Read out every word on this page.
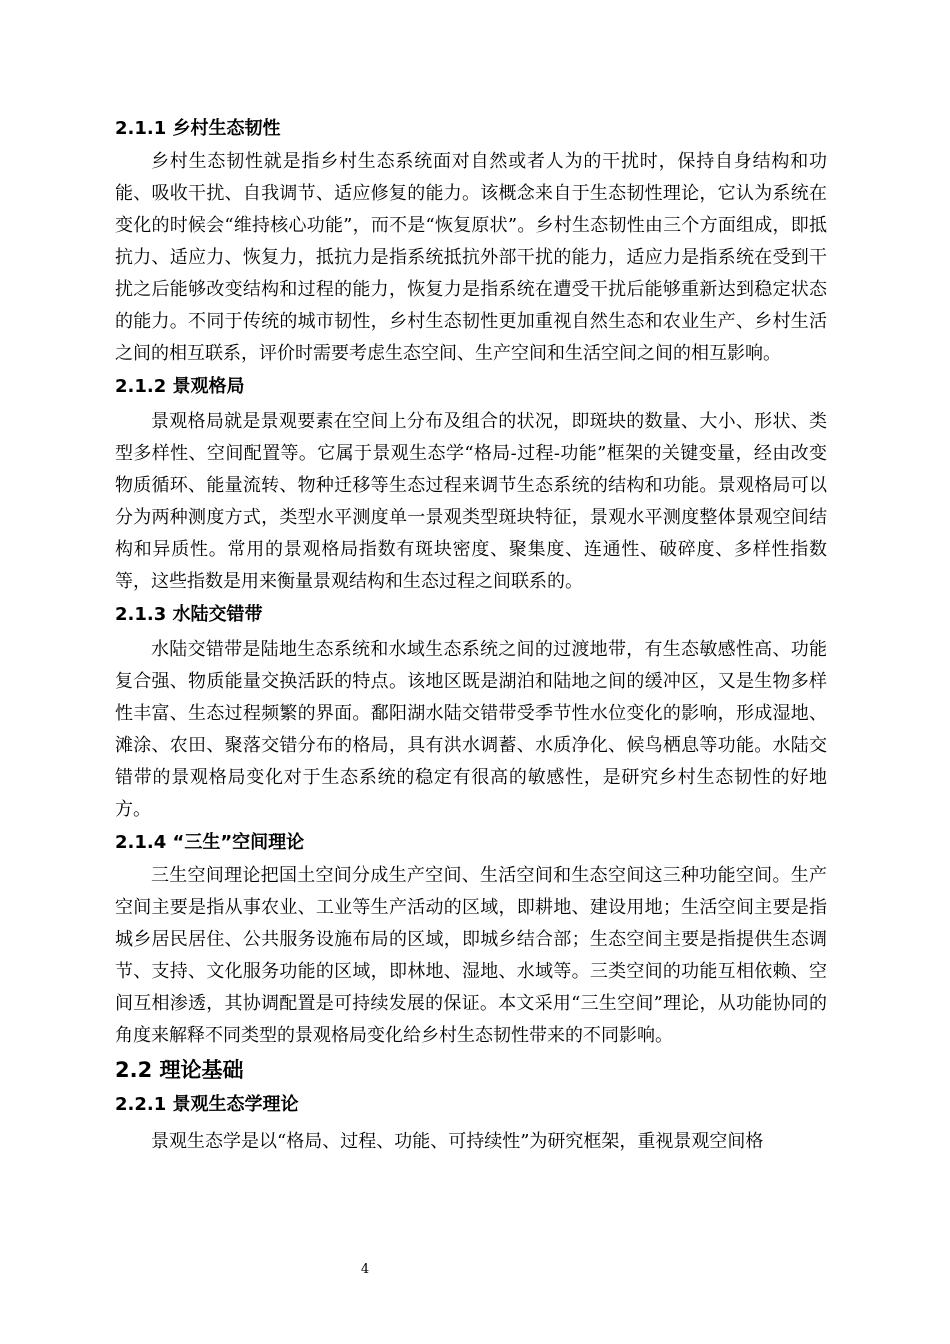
2.1.1 乡村生态韧性

乡村生态韧性就是指乡村生态系统面对自然或者人为的干扰时，保持自身结构和功能、吸收干扰、自我调节、适应修复的能力。该概念来自于生态韧性理论，它认为系统在变化的时候会“维持核心功能”，而不是“恢复原状”。乡村生态韧性由三个方面组成，即抵抗力、适应力、恢复力，抵抗力是指系统抵抗外部干扰的能力，适应力是指系统在受到干扰之后能够改变结构和过程的能力，恢复力是指系统在遭受干扰后能够重新达到稳定状态的能力。不同于传统的城市韧性，乡村生态韧性更加重视自然生态和农业生产、乡村生活之间的相互联系，评价时需要考虑生态空间、生产空间和生活空间之间的相互影响。

2.1.2 景观格局

景观格局就是景观要素在空间上分布及组合的状况，即斑块的数量、大小、形状、类型多样性、空间配置等。它属于景观生态学“格局-过程-功能”框架的关键变量，经由改变物质循环、能量流转、物种迁移等生态过程来调节生态系统的结构和功能。景观格局可以分为两种测度方式，类型水平测度单一景观类型斑块特征，景观水平测度整体景观空间结构和异质性。常用的景观格局指数有斑块密度、聚集度、连通性、破碎度、多样性指数等，这些指数是用来衡量景观结构和生态过程之间联系的。

2.1.3 水陆交错带

水陆交错带是陆地生态系统和水域生态系统之间的过渡地带，有生态敏感性高、功能复合强、物质能量交换活跃的特点。该地区既是湖泊和陆地之间的缓冲区，又是生物多样性丰富、生态过程频繁的界面。鄱阳湖水陆交错带受季节性水位变化的影响，形成湿地、滩涂、农田、聚落交错分布的格局，具有洪水调蓄、水质净化、候鸟栖息等功能。水陆交错带的景观格局变化对于生态系统的稳定有很高的敏感性，是研究乡村生态韧性的好地方。

2.1.4 “三生”空间理论

三生空间理论把国土空间分成生产空间、生活空间和生态空间这三种功能空间。生产空间主要是指从事农业、工业等生产活动的区域，即耕地、建设用地；生活空间主要是指城乡居民居住、公共服务设施布局的区域，即城乡结合部；生态空间主要是指提供生态调节、支持、文化服务功能的区域，即林地、湿地、水域等。三类空间的功能互相依赖、空间互相渗透，其协调配置是可持续发展的保证。本文采用“三生空间”理论，从功能协同的角度来解释不同类型的景观格局变化给乡村生态韧性带来的不同影响。

2.2 理论基础
2.2.1 景观生态学理论

景观生态学是以“格局、过程、功能、可持续性”为研究框架，重视景观空间格

4
